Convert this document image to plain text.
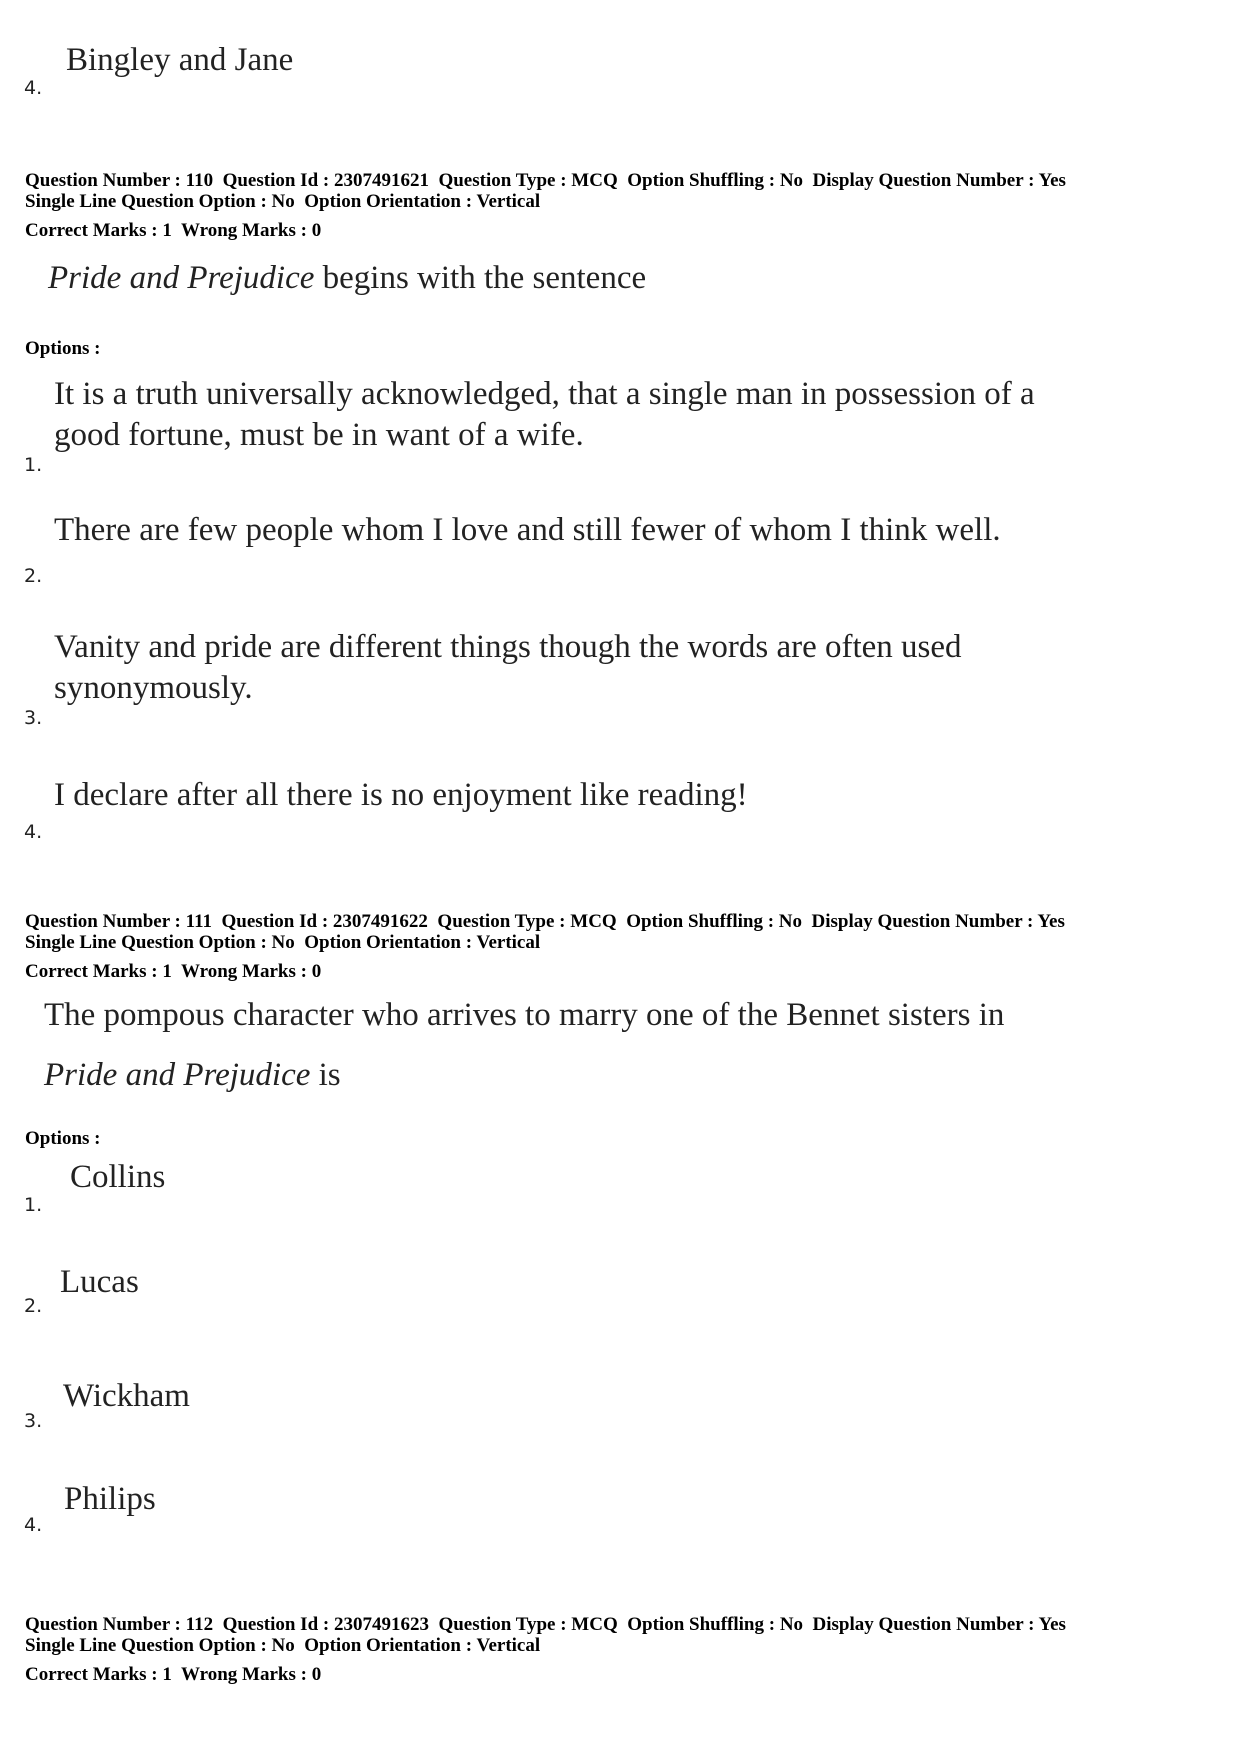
Bingley and Jane
4.
Question Number : 110  Question Id : 2307491621  Question Type : MCQ  Option Shuffling : No  Display Question Number : Yes
Single Line Question Option : No  Option Orientation : Vertical
Correct Marks : 1  Wrong Marks : 0
Pride and Prejudice begins with the sentence
Options :
It is a truth universally acknowledged, that a single man in possession of a good fortune, must be in want of a wife.
1.
There are few people whom I love and still fewer of whom I think well.
2.
Vanity and pride are different things though the words are often used synonymously.
3.
I declare after all there is no enjoyment like reading!
4.
Question Number : 111  Question Id : 2307491622  Question Type : MCQ  Option Shuffling : No  Display Question Number : Yes
Single Line Question Option : No  Option Orientation : Vertical
Correct Marks : 1  Wrong Marks : 0
The pompous character who arrives to marry one of the Bennet sisters in
Pride and Prejudice is
Options :
Collins
1.
Lucas
2.
Wickham
3.
Philips
4.
Question Number : 112  Question Id : 2307491623  Question Type : MCQ  Option Shuffling : No  Display Question Number : Yes
Single Line Question Option : No  Option Orientation : Vertical
Correct Marks : 1  Wrong Marks : 0
